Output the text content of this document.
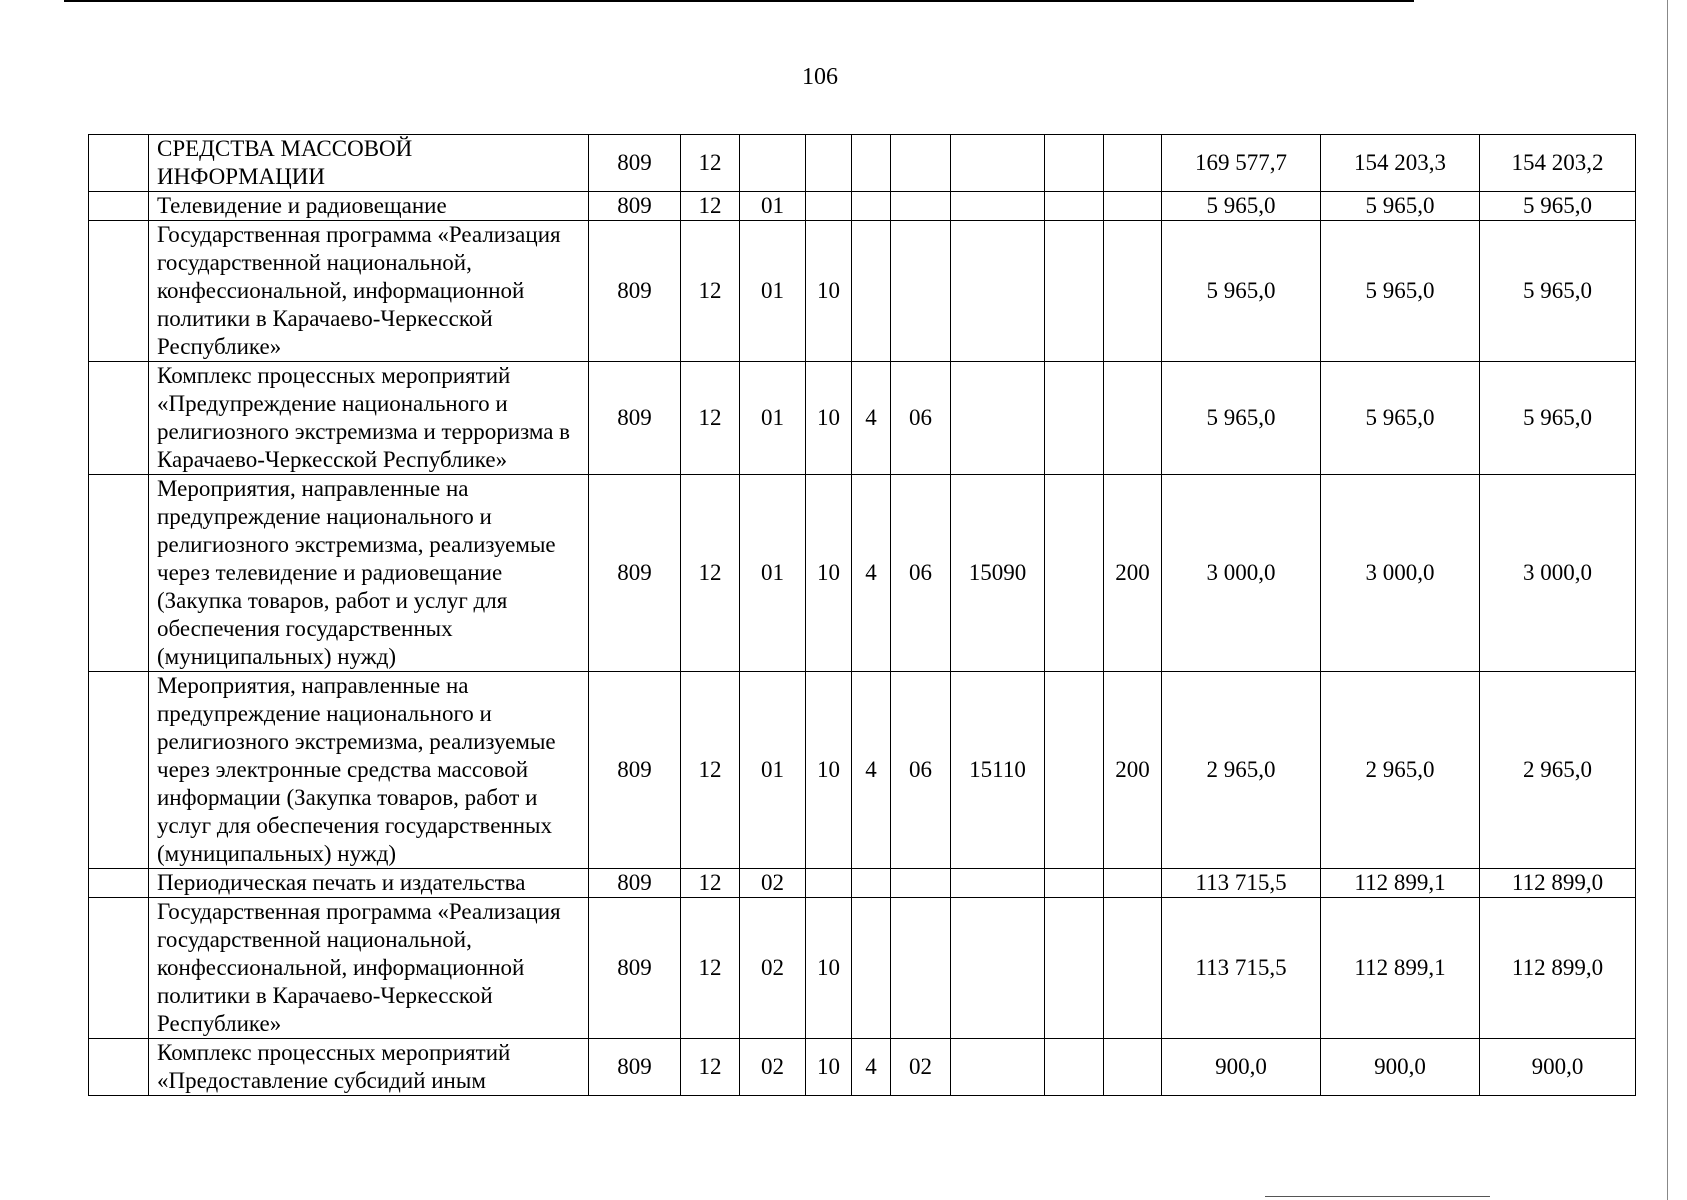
106
	СРЕДСТВА МАССОВОЙ ИНФОРМАЦИИ	809	12								169 577,7	154 203,3	154 203,2
	Телевидение и радиовещание	809	12	01							5 965,0	5 965,0	5 965,0
	Государственная программа «Реализация государственной национальной, конфессиональной, информационной политики в Карачаево-Черкесской Республике»	809	12	01	10						5 965,0	5 965,0	5 965,0
	Комплекс процессных мероприятий «Предупреждение национального и религиозного экстремизма и терроризма в Карачаево-Черкесской Республике»	809	12	01	10	4	06				5 965,0	5 965,0	5 965,0
	Мероприятия, направленные на предупреждение национального и религиозного экстремизма, реализуемые через телевидение и радиовещание (Закупка товаров, работ и услуг для обеспечения государственных (муниципальных) нужд)	809	12	01	10	4	06	15090		200	3 000,0	3 000,0	3 000,0
	Мероприятия, направленные на предупреждение национального и религиозного экстремизма, реализуемые через электронные средства массовой информации (Закупка товаров, работ и услуг для обеспечения государственных (муниципальных) нужд)	809	12	01	10	4	06	15110		200	2 965,0	2 965,0	2 965,0
	Периодическая печать и издательства	809	12	02							113 715,5	112 899,1	112 899,0
	Государственная программа «Реализация государственной национальной, конфессиональной, информационной политики в Карачаево-Черкесской Республике»	809	12	02	10						113 715,5	112 899,1	112 899,0
	Комплекс процессных мероприятий «Предоставление субсидий иным	809	12	02	10	4	02				900,0	900,0	900,0
